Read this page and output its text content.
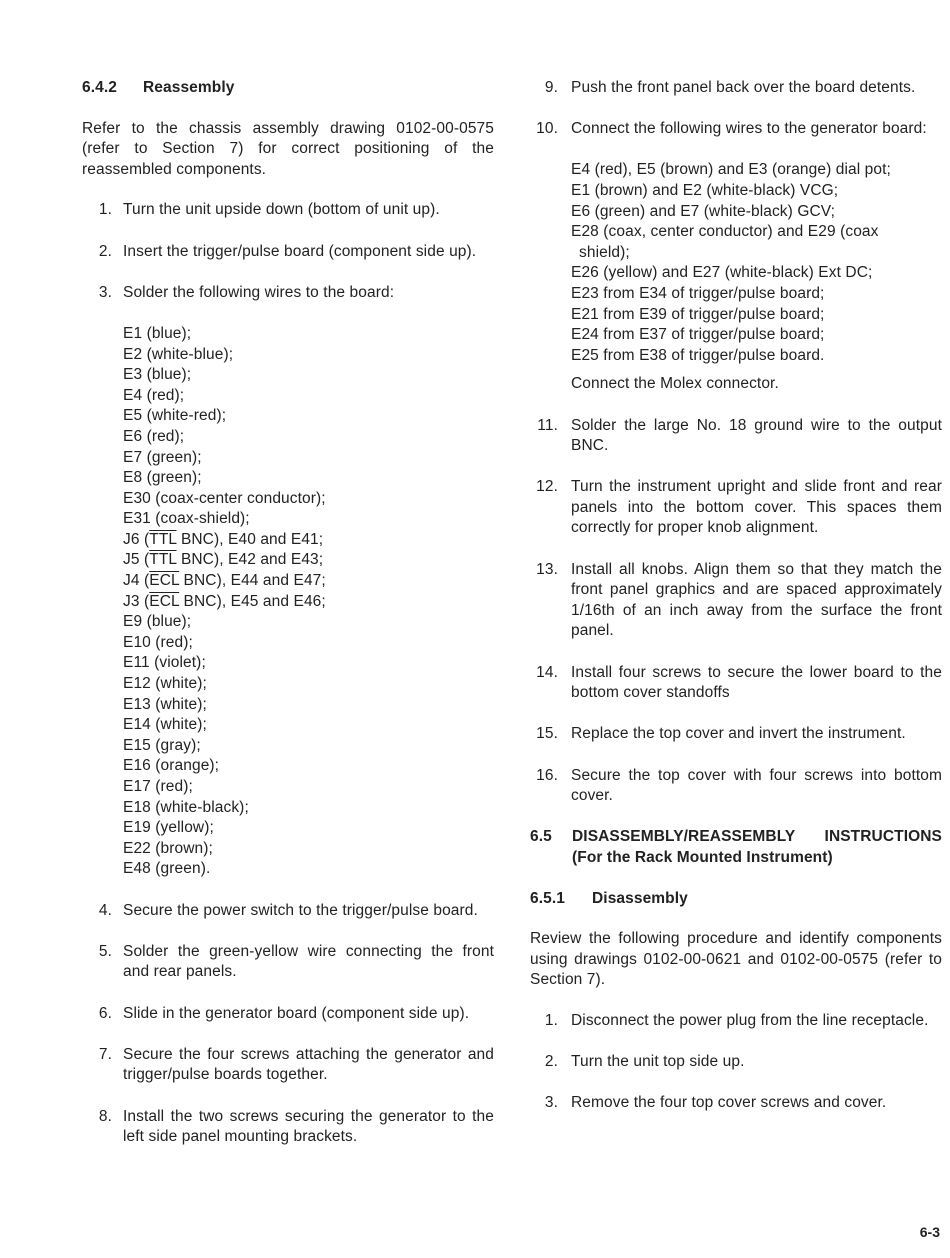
6.4.2	Reassembly

Refer to the chassis assembly drawing 0102-00-0575 (refer to Section 7) for correct positioning of the reassembled components.

1. Turn the unit upside down (bottom of unit up).
2. Insert the trigger/pulse board (component side up).
3. Solder the following wires to the board:
E1 (blue);
E2 (white-blue);
E3 (blue);
E4 (red);
E5 (white-red);
E6 (red);
E7 (green);
E8 (green);
E30 (coax-center conductor);
E31 (coax-shield);
J6 ($\overline{TTL}$ BNC), E40 and E41;
J5 ($\overline{TTL}$ BNC), E42 and E43;
J4 ($\overline{ECL}$ BNC), E44 and E47;
J3 ($\overline{ECL}$ BNC), E45 and E46;
E9 (blue);
E10 (red);
E11 (violet);
E12 (white);
E13 (white);
E14 (white);
E15 (gray);
E16 (orange);
E17 (red);
E18 (white-black);
E19 (yellow);
E22 (brown);
E48 (green).
4. Secure the power switch to the trigger/pulse board.
5. Solder the green-yellow wire connecting the front and rear panels.
6. Slide in the generator board (component side up).
7. Secure the four screws attaching the generator and trigger/pulse boards together.
8. Install the two screws securing the generator to the left side panel mounting brackets.
9. Push the front panel back over the board detents.
10. Connect the following wires to the generator board:
E4 (red), E5 (brown) and E3 (orange) dial pot;
E1 (brown) and E2 (white-black) VCG;
E6 (green) and E7 (white-black) GCV;
E28 (coax, center conductor) and E29 (coax
shield);
E26 (yellow) and E27 (white-black) Ext DC;
E23 from E34 of trigger/pulse board;
E21 from E39 of trigger/pulse board;
E24 from E37 of trigger/pulse board;
E25 from E38 of trigger/pulse board.
Connect the Molex connector.
11. Solder the large No. 18 ground wire to the output BNC.
12. Turn the instrument upright and slide front and rear panels into the bottom cover. This spaces them correctly for proper knob alignment.
13. Install all knobs. Align them so that they match the front panel graphics and are spaced approximately 1/16th of an inch away from the surface the front panel.
14. Install four screws to secure the lower board to the bottom cover standoffs
15. Replace the top cover and invert the instrument.
16. Secure the top cover with four screws into bottom cover.
6.5	DISASSEMBLY/REASSEMBLY INSTRUCTIONS (For the Rack Mounted Instrument)
6.5.1	Disassembly

Review the following procedure and identify components using drawings 0102-00-0621 and 0102-00-0575 (refer to Section 7).

1. Disconnect the power plug from the line receptacle.
2. Turn the unit top side up.
3. Remove the four top cover screws and cover.
6-3
